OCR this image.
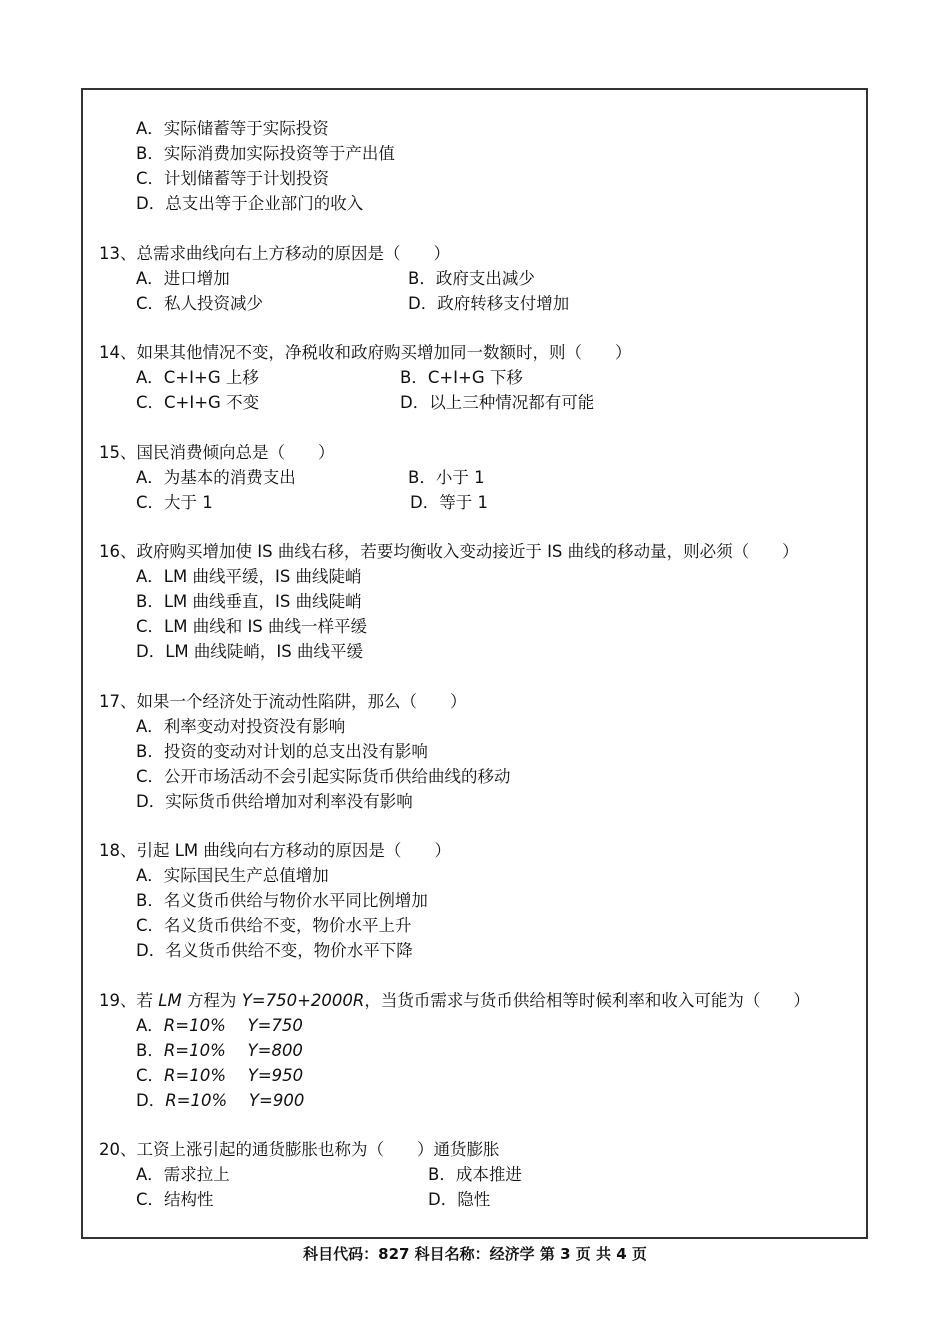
A．实际储蓄等于实际投资
B．实际消费加实际投资等于产出值
C．计划储蓄等于计划投资
D．总支出等于企业部门的收入
13、总需求曲线向右上方移动的原因是（　　）
A．进口增加	B．政府支出减少
C．私人投资减少	D．政府转移支付增加
14、如果其他情况不变，净税收和政府购买增加同一数额时，则（　　）
A．C+I+G 上移	B．C+I+G 下移
C．C+I+G 不变	D．以上三种情况都有可能
15、国民消费倾向总是（　　）
A．为基本的消费支出	B．小于 1
C．大于 1	D．等于 1
16、政府购买增加使 IS 曲线右移，若要均衡收入变动接近于 IS 曲线的移动量，则必须（　　）
A．LM 曲线平缓，IS 曲线陡峭
B．LM 曲线垂直，IS 曲线陡峭
C．LM 曲线和 IS 曲线一样平缓
D．LM 曲线陡峭，IS 曲线平缓
17、如果一个经济处于流动性陷阱，那么（　　）
A．利率变动对投资没有影响
B．投资的变动对计划的总支出没有影响
C．公开市场活动不会引起实际货币供给曲线的移动
D．实际货币供给增加对利率没有影响
18、引起 LM 曲线向右方移动的原因是（　　）
A．实际国民生产总值增加
B．名义货币供给与物价水平同比例增加
C．名义货币供给不变，物价水平上升
D．名义货币供给不变，物价水平下降
19、若 LM 方程为 Y=750+2000R，当货币需求与货币供给相等时候利率和收入可能为（　　）
A．R=10%　 Y=750
B．R=10%　 Y=800
C．R=10%　 Y=950
D．R=10%　 Y=900
20、工资上涨引起的通货膨胀也称为（　　）通货膨胀
A．需求拉上	B．成本推进
C．结构性	D．隐性
科目代码：827 科目名称：经济学 第 3 页 共 4 页
